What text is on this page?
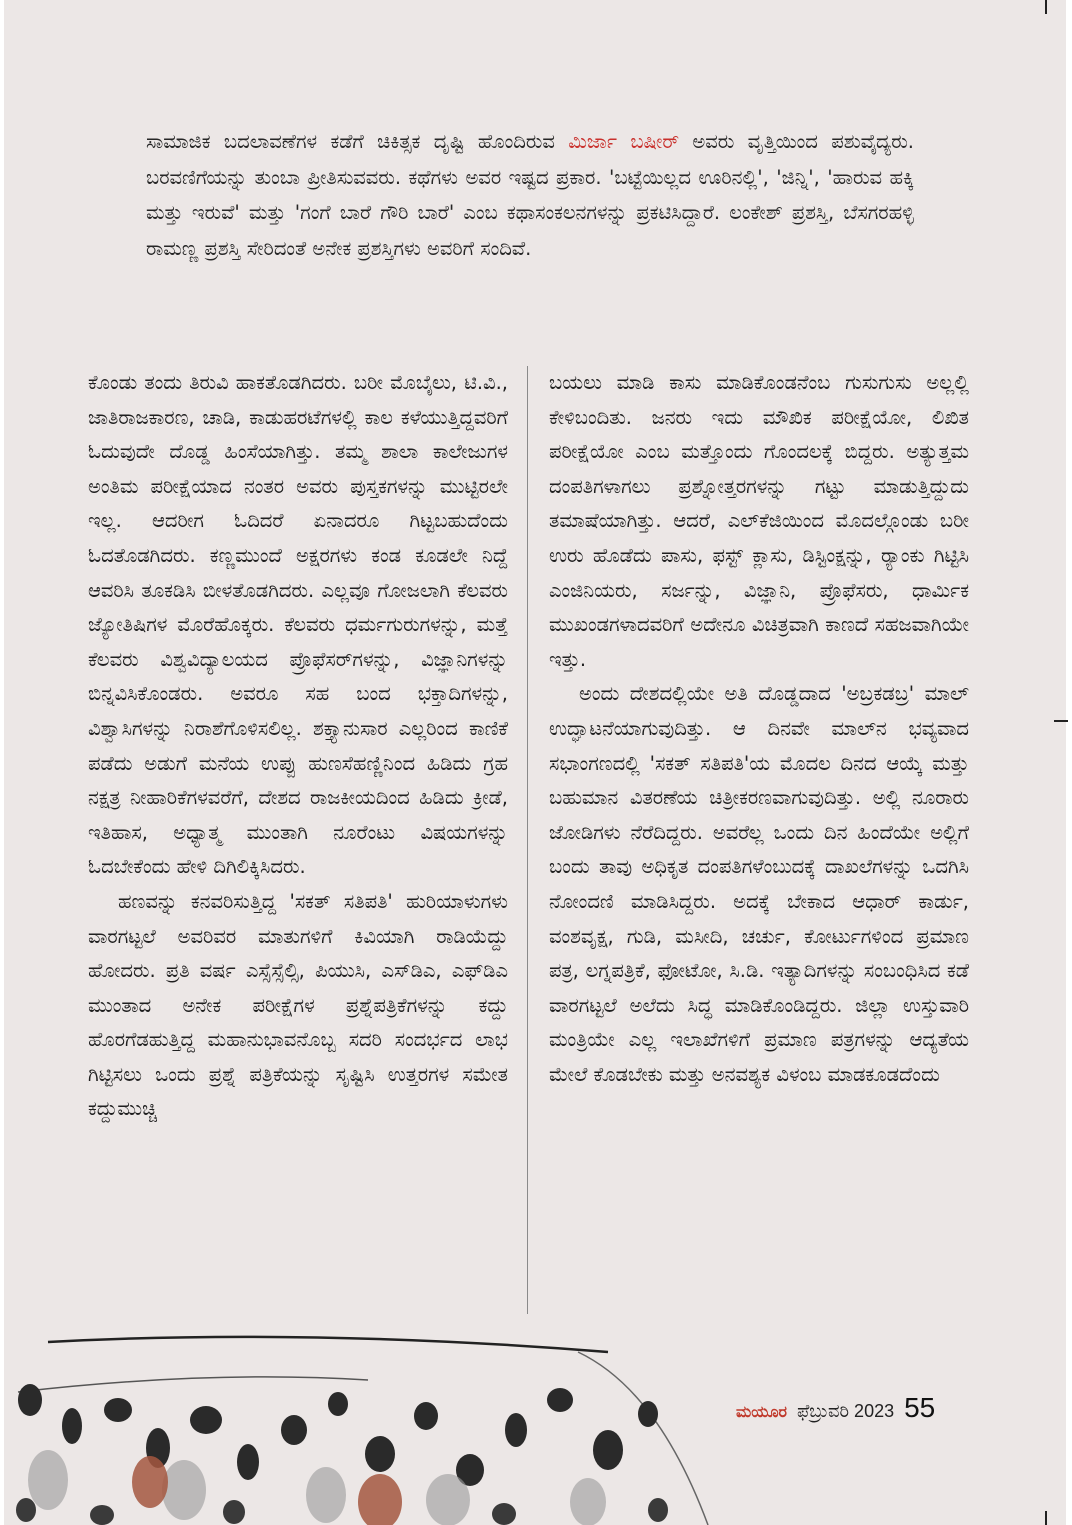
ಸಾಮಾಜಿಕ ಬದಲಾವಣೆಗಳ ಕಡೆಗೆ ಚಿಕಿತ್ಸಕ ದೃಷ್ಟಿ ಹೊಂದಿರುವ ಮಿರ್ಜಾ ಬಷೀರ್ ಅವರು ವೃತ್ತಿಯಿಂದ ಪಶುವೈದ್ಯರು. ಬರವಣಿಗೆಯನ್ನು ತುಂಬಾ ಪ್ರೀತಿಸುವವರು. ಕಥೆಗಳು ಅವರ ಇಷ್ಟದ ಪ್ರಕಾರ. 'ಬಟ್ಟೆಯಿಲ್ಲದ ಊರಿನಲ್ಲಿ', 'ಜಿನ್ನಿ', 'ಹಾರುವ ಹಕ್ಕಿ ಮತ್ತು ಇರುವೆ' ಮತ್ತು 'ಗಂಗೆ ಬಾರೆ ಗೌರಿ ಬಾರೆ' ಎಂಬ ಕಥಾಸಂಕಲನಗಳನ್ನು ಪ್ರಕಟಿಸಿದ್ದಾರೆ. ಲಂಕೇಶ್ ಪ್ರಶಸ್ತಿ, ಬೆಸಗರಹಳ್ಳಿ ರಾಮಣ್ಣ ಪ್ರಶಸ್ತಿ ಸೇರಿದಂತೆ ಅನೇಕ ಪ್ರಶಸ್ತಿಗಳು ಅವರಿಗೆ ಸಂದಿವೆ.

ಕೊಂಡು ತಂದು ತಿರುವಿ ಹಾಕತೊಡಗಿದರು. ಬರೀ ಮೊಬೈಲು, ಟಿ.ವಿ., ಜಾತಿರಾಜಕಾರಣ, ಚಾಡಿ, ಕಾಡುಹರಟೆಗಳಲ್ಲಿ ಕಾಲ ಕಳೆಯುತ್ತಿದ್ದವರಿಗೆ ಓದುವುದೇ ದೊಡ್ಡ ಹಿಂಸೆಯಾಗಿತ್ತು. ತಮ್ಮ ಶಾಲಾ ಕಾಲೇಜುಗಳ ಅಂತಿಮ ಪರೀಕ್ಷೆಯಾದ ನಂತರ ಅವರು ಪುಸ್ತಕಗಳನ್ನು ಮುಟ್ಟಿರಲೇ ಇಲ್ಲ. ಆದರೀಗ ಓದಿದರೆ ಏನಾದರೂ ಗಿಟ್ಟಬಹುದೆಂದು ಓದತೊಡಗಿದರು. ಕಣ್ಣಮುಂದೆ ಅಕ್ಷರಗಳು ಕಂಡ ಕೂಡಲೇ ನಿದ್ದೆ ಆವರಿಸಿ ತೂಕಡಿಸಿ ಬೀಳತೊಡಗಿದರು. ಎಲ್ಲವೂ ಗೋಜಲಾಗಿ ಕೆಲವರು ಜ್ಯೋತಿಷಿಗಳ ಮೊರೆಹೊಕ್ಕರು. ಕೆಲವರು ಧರ್ಮಗುರುಗಳನ್ನು, ಮತ್ತೆ ಕೆಲವರು ವಿಶ್ವವಿದ್ಯಾಲಯದ ಪ್ರೊಫೆಸರ್‌ಗಳನ್ನು, ವಿಜ್ಞಾನಿಗಳನ್ನು ಬಿನ್ನವಿಸಿಕೊಂಡರು. ಅವರೂ ಸಹ ಬಂದ ಭಕ್ತಾದಿಗಳನ್ನು, ವಿಶ್ವಾಸಿಗಳನ್ನು ನಿರಾಶೆಗೊಳಿಸಲಿಲ್ಲ. ಶಕ್ತ್ಯಾನುಸಾರ ಎಲ್ಲರಿಂದ ಕಾಣಿಕೆ ಪಡೆದು ಅಡುಗೆ ಮನೆಯ ಉಪ್ಪು ಹುಣಸೆಹಣ್ಣಿನಿಂದ ಹಿಡಿದು ಗ್ರಹ ನಕ್ಷತ್ರ ನೀಹಾರಿಕೆಗಳವರೆಗೆ, ದೇಶದ ರಾಜಕೀಯದಿಂದ ಹಿಡಿದು ಕ್ರೀಡೆ, ಇತಿಹಾಸ, ಅಧ್ಯಾತ್ಮ ಮುಂತಾಗಿ ನೂರೆಂಟು ವಿಷಯಗಳನ್ನು ಓದಬೇಕೆಂದು ಹೇಳಿ ದಿಗಿಲಿಕ್ಕಿಸಿದರು.

ಹಣವನ್ನು ಕನವರಿಸುತ್ತಿದ್ದ 'ಸಕತ್ ಸತಿಪತಿ' ಹುರಿಯಾಳುಗಳು ವಾರಗಟ್ಟಲೆ ಅವರಿವರ ಮಾತುಗಳಿಗೆ ಕಿವಿಯಾಗಿ ರಾಡಿಯೆದ್ದು ಹೋದರು. ಪ್ರತಿ ವರ್ಷ ಎಸ್ಸೆಸ್ಸೆಲ್ಸಿ, ಪಿಯುಸಿ, ಎಸ್‌ಡಿಎ, ಎಫ್‌ಡಿಎ ಮುಂತಾದ ಅನೇಕ ಪರೀಕ್ಷೆಗಳ ಪ್ರಶ್ನೆಪತ್ರಿಕೆಗಳನ್ನು ಕದ್ದು ಹೊರಗೆಡಹುತ್ತಿದ್ದ ಮಹಾನುಭಾವನೊಬ್ಬ ಸದರಿ ಸಂದರ್ಭದ ಲಾಭ ಗಿಟ್ಟಿಸಲು ಒಂದು ಪ್ರಶ್ನೆ ಪತ್ರಿಕೆಯನ್ನು ಸೃಷ್ಟಿಸಿ ಉತ್ತರಗಳ ಸಮೇತ ಕದ್ದುಮುಚ್ಚಿ

ಬಯಲು ಮಾಡಿ ಕಾಸು ಮಾಡಿಕೊಂಡನೆಂಬ ಗುಸುಗುಸು ಅಲ್ಲಲ್ಲಿ ಕೇಳಿಬಂದಿತು. ಜನರು ಇದು ಮೌಖಿಕ ಪರೀಕ್ಷೆಯೋ, ಲಿಖಿತ ಪರೀಕ್ಷೆಯೋ ಎಂಬ ಮತ್ತೊಂದು ಗೊಂದಲಕ್ಕೆ ಬಿದ್ದರು. ಅತ್ಯುತ್ತಮ ದಂಪತಿಗಳಾಗಲು ಪ್ರಶ್ನೋತ್ತರಗಳನ್ನು ಗಟ್ಟು ಮಾಡುತ್ತಿದ್ದುದು ತಮಾಷೆಯಾಗಿತ್ತು. ಆದರೆ, ಎಲ್‌ಕೆಜಿಯಿಂದ ಮೊದಲ್ಗೊಂಡು ಬರೀ ಉರು ಹೊಡೆದು ಪಾಸು, ಫಸ್ಟ್ ಕ್ಲಾಸು, ಡಿಸ್ಟಿಂಕ್ಷನ್ನು, ರ್‍ಯಾಂಕು ಗಿಟ್ಟಿಸಿ ಎಂಜಿನಿಯರು, ಸರ್ಜನ್ನು, ವಿಜ್ಞಾನಿ, ಪ್ರೊಫೆಸರು, ಧಾರ್ಮಿಕ ಮುಖಂಡಗಳಾದವರಿಗೆ ಅದೇನೂ ವಿಚಿತ್ರವಾಗಿ ಕಾಣದೆ ಸಹಜವಾಗಿಯೇ ಇತ್ತು.

ಅಂದು ದೇಶದಲ್ಲಿಯೇ ಅತಿ ದೊಡ್ಡದಾದ 'ಅಬ್ರಕಡಬ್ರ' ಮಾಲ್ ಉದ್ಘಾಟನೆಯಾಗುವುದಿತ್ತು. ಆ ದಿನವೇ ಮಾಲ್‌ನ ಭವ್ಯವಾದ ಸಭಾಂಗಣದಲ್ಲಿ 'ಸಕತ್ ಸತಿಪತಿ'ಯ ಮೊದಲ ದಿನದ ಆಯ್ಕೆ ಮತ್ತು ಬಹುಮಾನ ವಿತರಣೆಯ ಚಿತ್ರೀಕರಣವಾಗುವುದಿತ್ತು. ಅಲ್ಲಿ ನೂರಾರು ಜೋಡಿಗಳು ನೆರೆದಿದ್ದರು. ಅವರೆಲ್ಲ ಒಂದು ದಿನ ಹಿಂದೆಯೇ ಅಲ್ಲಿಗೆ ಬಂದು ತಾವು ಅಧಿಕೃತ ದಂಪತಿಗಳೆಂಬುದಕ್ಕೆ ದಾಖಲೆಗಳನ್ನು ಒದಗಿಸಿ ನೋಂದಣಿ ಮಾಡಿಸಿದ್ದರು. ಅದಕ್ಕೆ ಬೇಕಾದ ಆಧಾರ್ ಕಾರ್ಡು, ವಂಶವೃಕ್ಷ, ಗುಡಿ, ಮಸೀದಿ, ಚರ್ಚು, ಕೋರ್ಟುಗಳಿಂದ ಪ್ರಮಾಣ ಪತ್ರ, ಲಗ್ನಪತ್ರಿಕೆ, ಫೋಟೋ, ಸಿ.ಡಿ. ಇತ್ಯಾದಿಗಳನ್ನು ಸಂಬಂಧಿಸಿದ ಕಡೆ ವಾರಗಟ್ಟಲೆ ಅಲೆದು ಸಿದ್ಧ ಮಾಡಿಕೊಂಡಿದ್ದರು. ಜಿಲ್ಲಾ ಉಸ್ತುವಾರಿ ಮಂತ್ರಿಯೇ ಎಲ್ಲ ಇಲಾಖೆಗಳಿಗೆ ಪ್ರಮಾಣ ಪತ್ರಗಳನ್ನು ಆದ್ಯತೆಯ ಮೇಲೆ ಕೊಡಬೇಕು ಮತ್ತು ಅನವಶ್ಯಕ ವಿಳಂಬ ಮಾಡಕೂಡದೆಂದು

ಮಯೂರ ಫೆಬ್ರುವರಿ 2023 55
